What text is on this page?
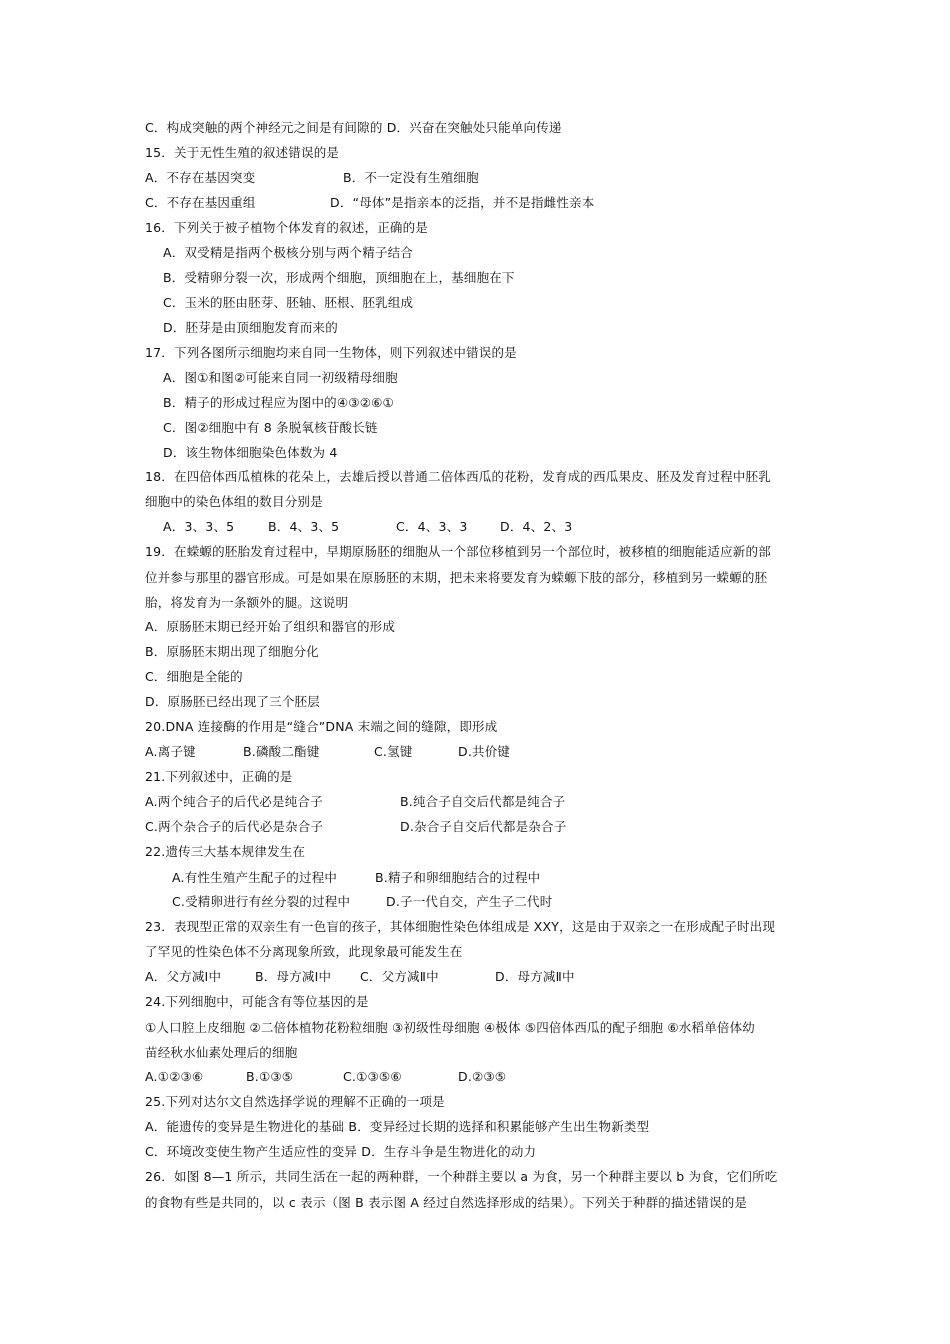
C．构成突触的两个神经元之间是有间隙的 D．兴奋在突触处只能单向传递
15．关于无性生殖的叙述错误的是
A．不存在基因突变	B．不一定没有生殖细胞
C．不存在基因重组	D．“母体”是指亲本的泛指，并不是指雌性亲本
16．下列关于被子植物个体发育的叙述，正确的是
A．双受精是指两个极核分别与两个精子结合
B．受精卵分裂一次，形成两个细胞，顶细胞在上，基细胞在下
C．玉米的胚由胚芽、胚轴、胚根、胚乳组成
D．胚芽是由顶细胞发育而来的
17．下列各图所示细胞均来自同一生物体，则下列叙述中错误的是
A．图①和图②可能来自同一初级精母细胞
B．精子的形成过程应为图中的④③②⑥①
C．图②细胞中有 8 条脱氧核苷酸长链
D．该生物体细胞染色体数为 4
18．在四倍体西瓜植株的花朵上，去雄后授以普通二倍体西瓜的花粉，发育成的西瓜果皮、胚及发育过程中胚乳
细胞中的染色体组的数目分别是
A．3、3、5	B．4、3、5	C．4、3、3	D．4、2、3
19．在蝾螈的胚胎发育过程中，早期原肠胚的细胞从一个部位移植到另一个部位时，被移植的细胞能适应新的部
位并参与那里的器官形成。可是如果在原肠胚的末期，把未来将要发育为蝾螈下肢的部分，移植到另一蝾螈的胚
胎，将发育为一条额外的腿。这说明
A．原肠胚末期已经开始了组织和器官的形成
B．原肠胚末期出现了细胞分化
C．细胞是全能的
D．原肠胚已经出现了三个胚层
20.DNA 连接酶的作用是“缝合”DNA 末端之间的缝隙，即形成
A.离子键	B.磷酸二酯键	C.氢键	D.共价键
21.下列叙述中，正确的是
A.两个纯合子的后代必是纯合子	B.纯合子自交后代都是纯合子
C.两个杂合子的后代必是杂合子	D.杂合子自交后代都是杂合子
22.遗传三大基本规律发生在
A.有性生殖产生配子的过程中	B.精子和卵细胞结合的过程中
C.受精卵进行有丝分裂的过程中	D.子一代自交，产生子二代时
23．表现型正常的双亲生有一色盲的孩子，其体细胞性染色体组成是 XXY，这是由于双亲之一在形成配子时出现
了罕见的性染色体不分离现象所致，此现象最可能发生在
A．父方减Ⅰ中	B．母方减Ⅰ中 C．父方减Ⅱ中	D．母方减Ⅱ中
24.下列细胞中，可能含有等位基因的是
①人口腔上皮细胞 ②二倍体植物花粉粒细胞 ③初级性母细胞 ④极体 ⑤四倍体西瓜的配子细胞 ⑥水稻单倍体幼
苗经秋水仙素处理后的细胞
A.①②③⑥	B.①③⑤	C.①③⑤⑥	D.②③⑤
25.下列对达尔文自然选择学说的理解不正确的一项是
A．能遗传的变异是生物进化的基础 B．变异经过长期的选择和积累能够产生出生物新类型
C．环境改变使生物产生适应性的变异 D．生存斗争是生物进化的动力
26．如图 8—1 所示，共同生活在一起的两种群，一个种群主要以 a 为食，另一个种群主要以 b 为食，它们所吃
的食物有些是共同的，以 c 表示（图 B 表示图 A 经过自然选择形成的结果）。下列关于种群的描述错误的是
